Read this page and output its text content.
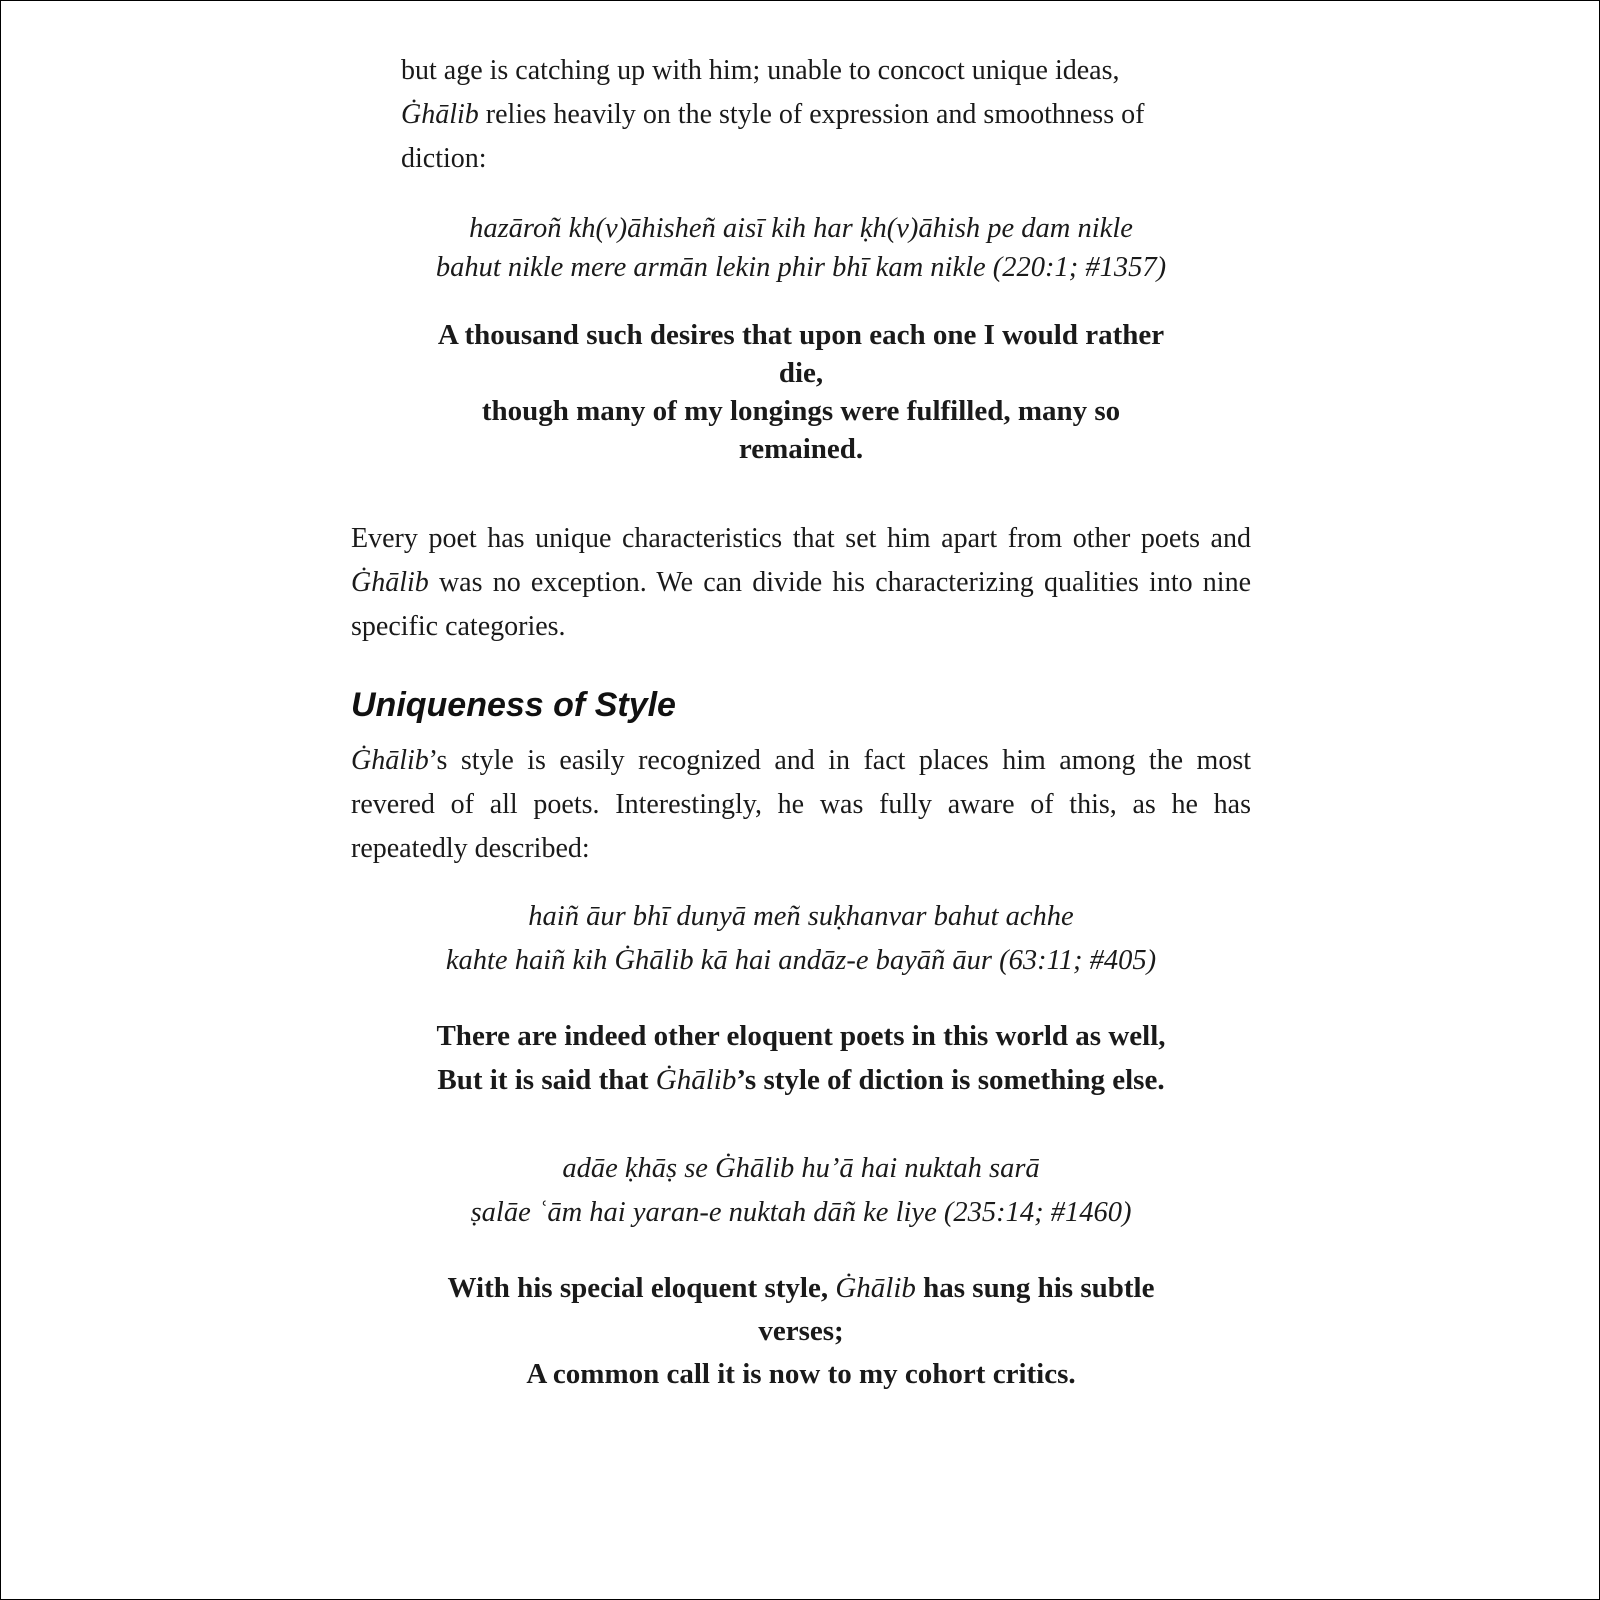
but age is catching up with him; unable to concoct unique ideas,
Ġhālib relies heavily on the style of expression and smoothness of
diction:
hazāroñ kh(v)āhisheñ aisī kih har ḳh(v)āhish pe dam nikle
bahut nikle mere armān lekin phir bhī kam nikle (220:1; #1357)
A thousand such desires that upon each one I would rather
die,
though many of my longings were fulfilled, many so
remained.

Every poet has unique characteristics that set him apart from other poets and Ġhālib was no exception. We can divide his characterizing qualities into nine specific categories.

Uniqueness of Style

Ġhālib’s style is easily recognized and in fact places him among the most revered of all poets. Interestingly, he was fully aware of this, as he has repeatedly described:

haiñ āur bhī dunyā meñ suḳhanvar bahut achhe
kahte haiñ kih Ġhālib kā hai andāz-e bayāñ āur (63:11; #405)
There are indeed other eloquent poets in this world as well,
But it is said that Ġhālib’s style of diction is something else.
adāe ḳhāṣ se Ġhālib hu’ā hai nuktah sarā
ṣalāe ʿām hai yaran-e nuktah dāñ ke liye (235:14; #1460)
With his special eloquent style, Ġhālib has sung his subtle
verses;
A common call it is now to my cohort critics.
